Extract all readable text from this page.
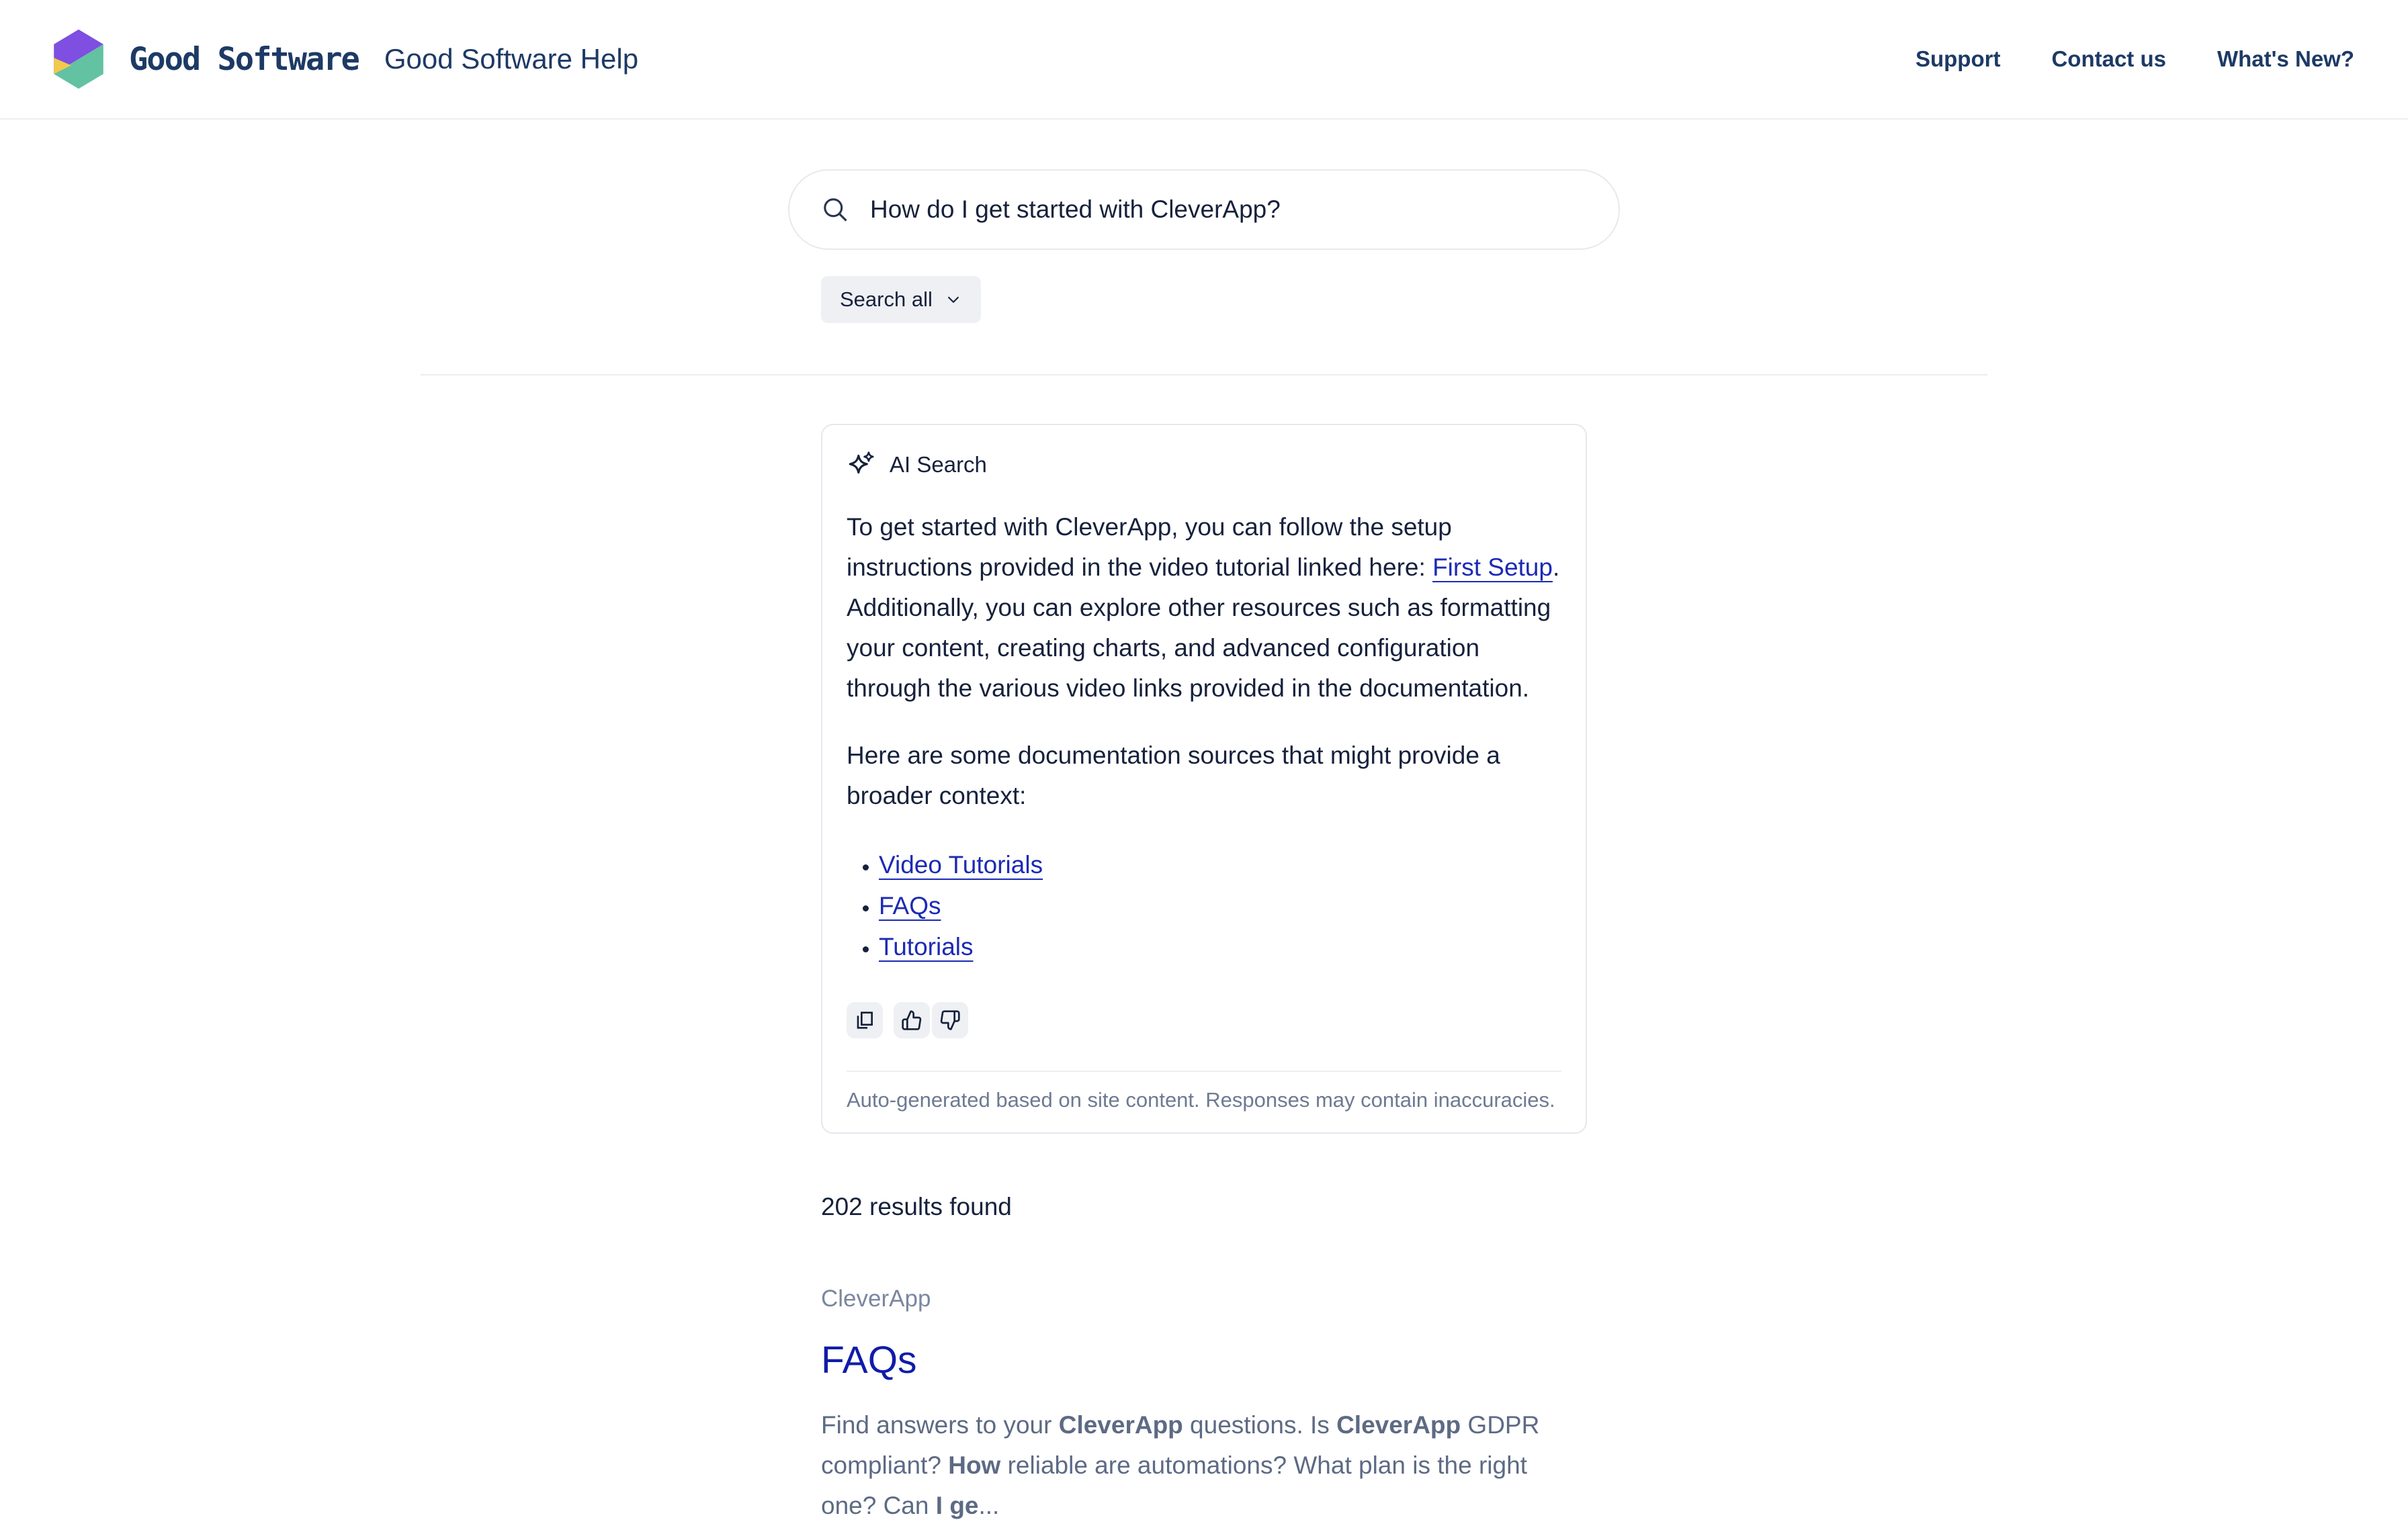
Good Software Good Software Help	Support Contact us What's New?
How do I get started with CleverApp?
Search all
AI Search

To get started with CleverApp, you can follow the setup instructions provided in the video tutorial linked here: First Setup. Additionally, you can explore other resources such as formatting your content, creating charts, and advanced configuration through the various video links provided in the documentation.

Here are some documentation sources that might provide a broader context:

• Video Tutorials
• FAQs
• Tutorials

Auto-generated based on site content. Responses may contain inaccuracies.

202 results found

CleverApp

FAQs

Find answers to your CleverApp questions. Is CleverApp GDPR compliant? How reliable are automations? What plan is the right one? Can I ge...
